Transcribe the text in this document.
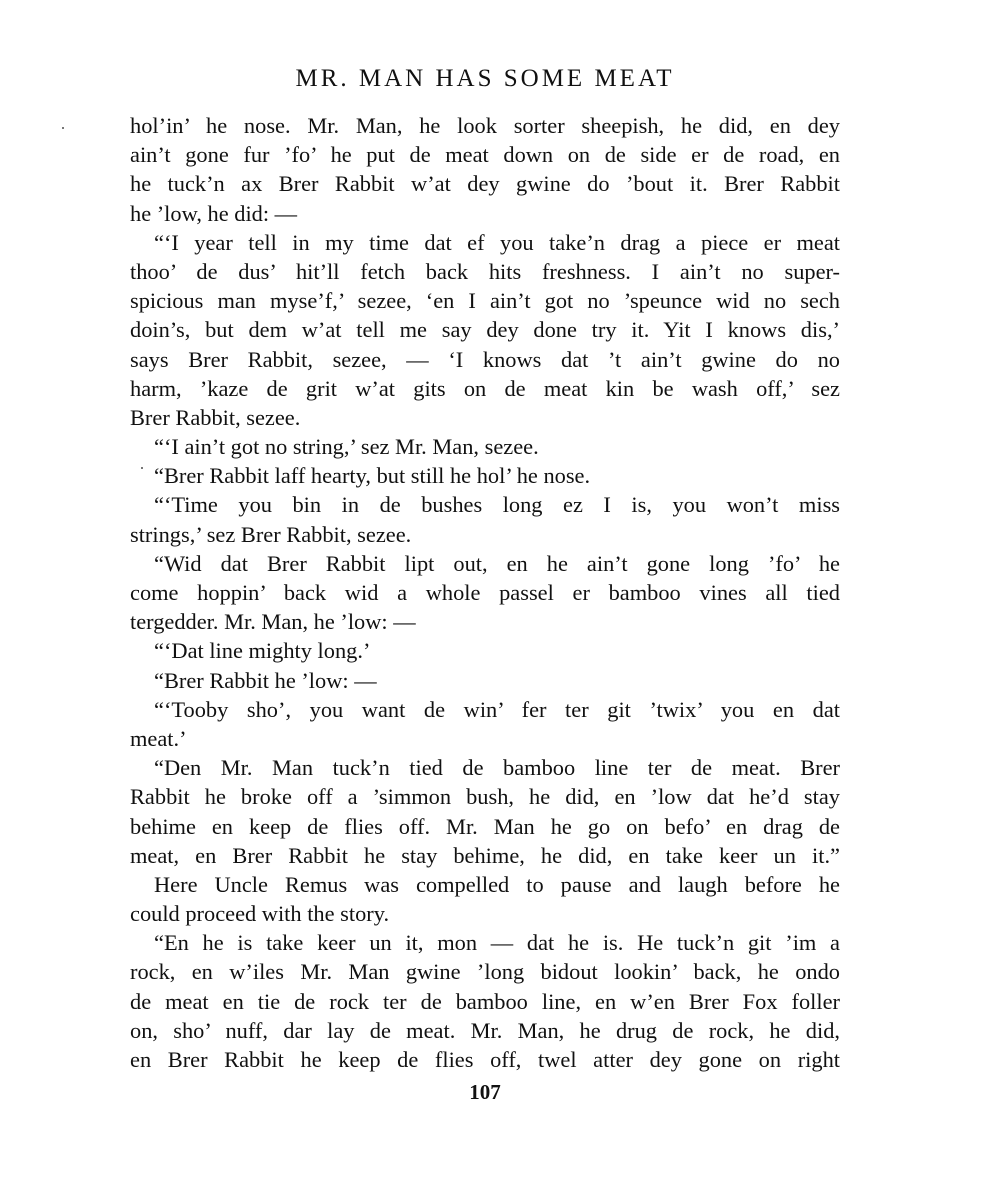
MR. MAN HAS SOME MEAT
hol’in’ he nose. Mr. Man, he look sorter sheepish, he did, en dey
ain’t gone fur ’fo’ he put de meat down on de side er de road, en
he tuck’n ax Brer Rabbit w’at dey gwine do ’bout it. Brer Rabbit
he ’low, he did: —
“‘I year tell in my time dat ef you take’n drag a piece er meat
thoo’ de dus’ hit’ll fetch back hits freshness. I ain’t no super-
spicious man myse’f,’ sezee, ‘en I ain’t got no ’speunce wid no sech
doin’s, but dem w’at tell me say dey done try it. Yit I knows dis,’
says Brer Rabbit, sezee, — ‘I knows dat ’t ain’t gwine do no
harm, ’kaze de grit w’at gits on de meat kin be wash off,’ sez
Brer Rabbit, sezee.
“‘I ain’t got no string,’ sez Mr. Man, sezee.
“Brer Rabbit laff hearty, but still he hol’ he nose.
“‘Time you bin in de bushes long ez I is, you won’t miss
strings,’ sez Brer Rabbit, sezee.
“Wid dat Brer Rabbit lipt out, en he ain’t gone long ’fo’ he
come hoppin’ back wid a whole passel er bamboo vines all tied
tergedder. Mr. Man, he ’low: —
“‘Dat line mighty long.’
“Brer Rabbit he ’low: —
“‘Tooby sho’, you want de win’ fer ter git ’twix’ you en dat
meat.’
“Den Mr. Man tuck’n tied de bamboo line ter de meat. Brer
Rabbit he broke off a ’simmon bush, he did, en ’low dat he’d stay
behime en keep de flies off. Mr. Man he go on befo’ en drag de
meat, en Brer Rabbit he stay behime, he did, en take keer un it.”
Here Uncle Remus was compelled to pause and laugh before he
could proceed with the story.
“En he is take keer un it, mon — dat he is. He tuck’n git ’im a
rock, en w’iles Mr. Man gwine ’long bidout lookin’ back, he ondo
de meat en tie de rock ter de bamboo line, en w’en Brer Fox foller
on, sho’ nuff, dar lay de meat. Mr. Man, he drug de rock, he did,
en Brer Rabbit he keep de flies off, twel atter dey gone on right
107
